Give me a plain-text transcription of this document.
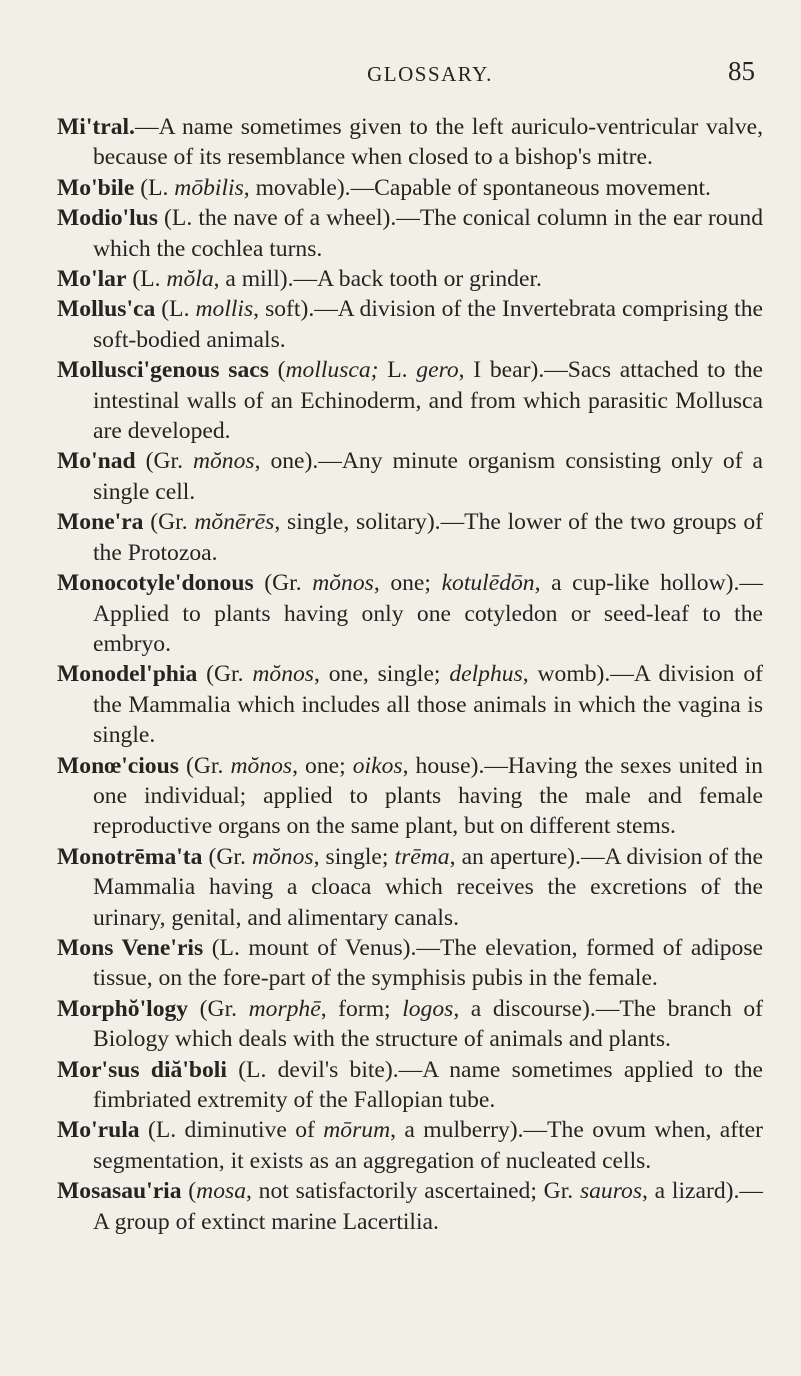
GLOSSARY.	85

Mi'tral.—A name sometimes given to the left auriculo-ventricular valve, because of its resemblance when closed to a bishop's mitre.

Mo'bile (L. mōbilis, movable).—Capable of spontaneous movement.

Modio'lus (L. the nave of a wheel).—The conical column in the ear round which the cochlea turns.

Mo'lar (L. mŏla, a mill).—A back tooth or grinder.

Mollus'ca (L. mollis, soft).—A division of the Invertebrata comprising the soft-bodied animals.

Mollusci'genous sacs (mollusca; L. gero, I bear).—Sacs attached to the intestinal walls of an Echinoderm, and from which parasitic Mollusca are developed.

Mo'nad (Gr. mŏnos, one).—Any minute organism consisting only of a single cell.

Mone'ra (Gr. mŏnērēs, single, solitary).—The lower of the two groups of the Protozoa.

Monocotyle'donous (Gr. mŏnos, one; kotulēdōn, a cup-like hollow).—Applied to plants having only one cotyledon or seed-leaf to the embryo.

Monodel'phia (Gr. mŏnos, one, single; delphus, womb).—A division of the Mammalia which includes all those animals in which the vagina is single.

Monœ'cious (Gr. mŏnos, one; oikos, house).—Having the sexes united in one individual; applied to plants having the male and female reproductive organs on the same plant, but on different stems.

Monotrēma'ta (Gr. mŏnos, single; trēma, an aperture).—A division of the Mammalia having a cloaca which receives the excretions of the urinary, genital, and alimentary canals.

Mons Vene'ris (L. mount of Venus).—The elevation, formed of adipose tissue, on the fore-part of the symphisis pubis in the female.

Morphŏ'logy (Gr. morphē, form; logos, a discourse).—The branch of Biology which deals with the structure of animals and plants.

Mor'sus diă'boli (L. devil's bite).—A name sometimes applied to the fimbriated extremity of the Fallopian tube.

Mo'rula (L. diminutive of mōrum, a mulberry).—The ovum when, after segmentation, it exists as an aggregation of nucleated cells.

Mosasau'ria (mosa, not satisfactorily ascertained; Gr. sauros, a lizard).—A group of extinct marine Lacertilia.
